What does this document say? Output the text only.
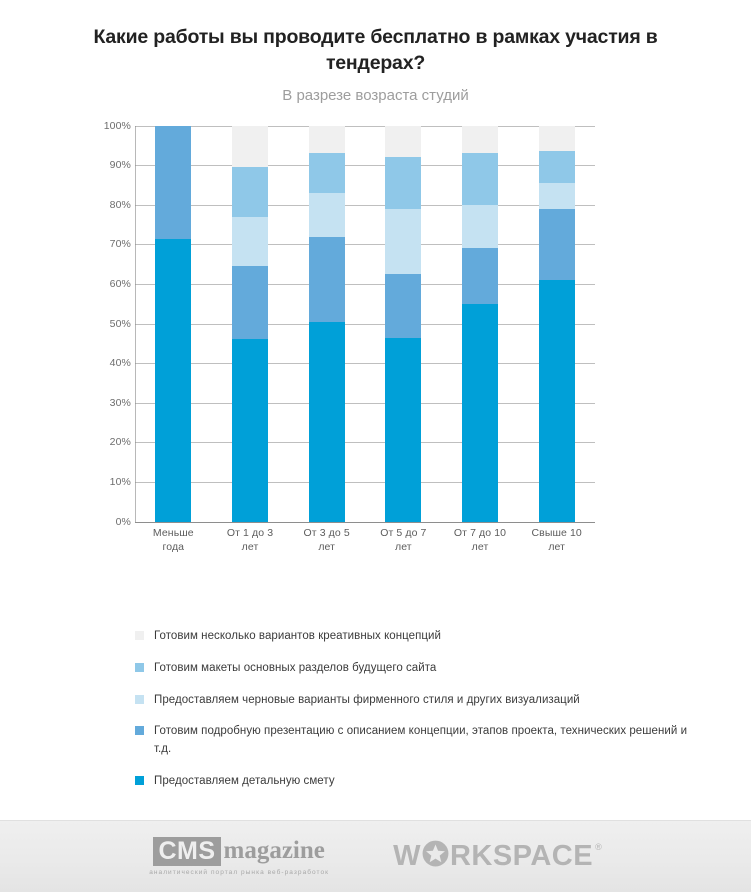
Какие работы вы проводите бесплатно в рамках участия в тендерах?
В разрезе возраста студий
0%
10%
20%
30%
40%
50%
60%
70%
80%
90%
100%
Меньше
года
От 1 до 3
лет
От 3 до 5
лет
От 5 до 7
лет
От 7 до 10
лет
Свыше 10
лет
Готовим несколько вариантов креативных концепций
Готовим макеты основных разделов будущего сайта
Предоставляем черновые варианты фирменного стиля и других визуализаций
Готовим подробную презентацию с описанием концепции, этапов проекта, технических решений и т.д.
Предоставляем детальную смету
CMS magazine
аналитический портал рынка веб-разработок
W RKSPACE ®
